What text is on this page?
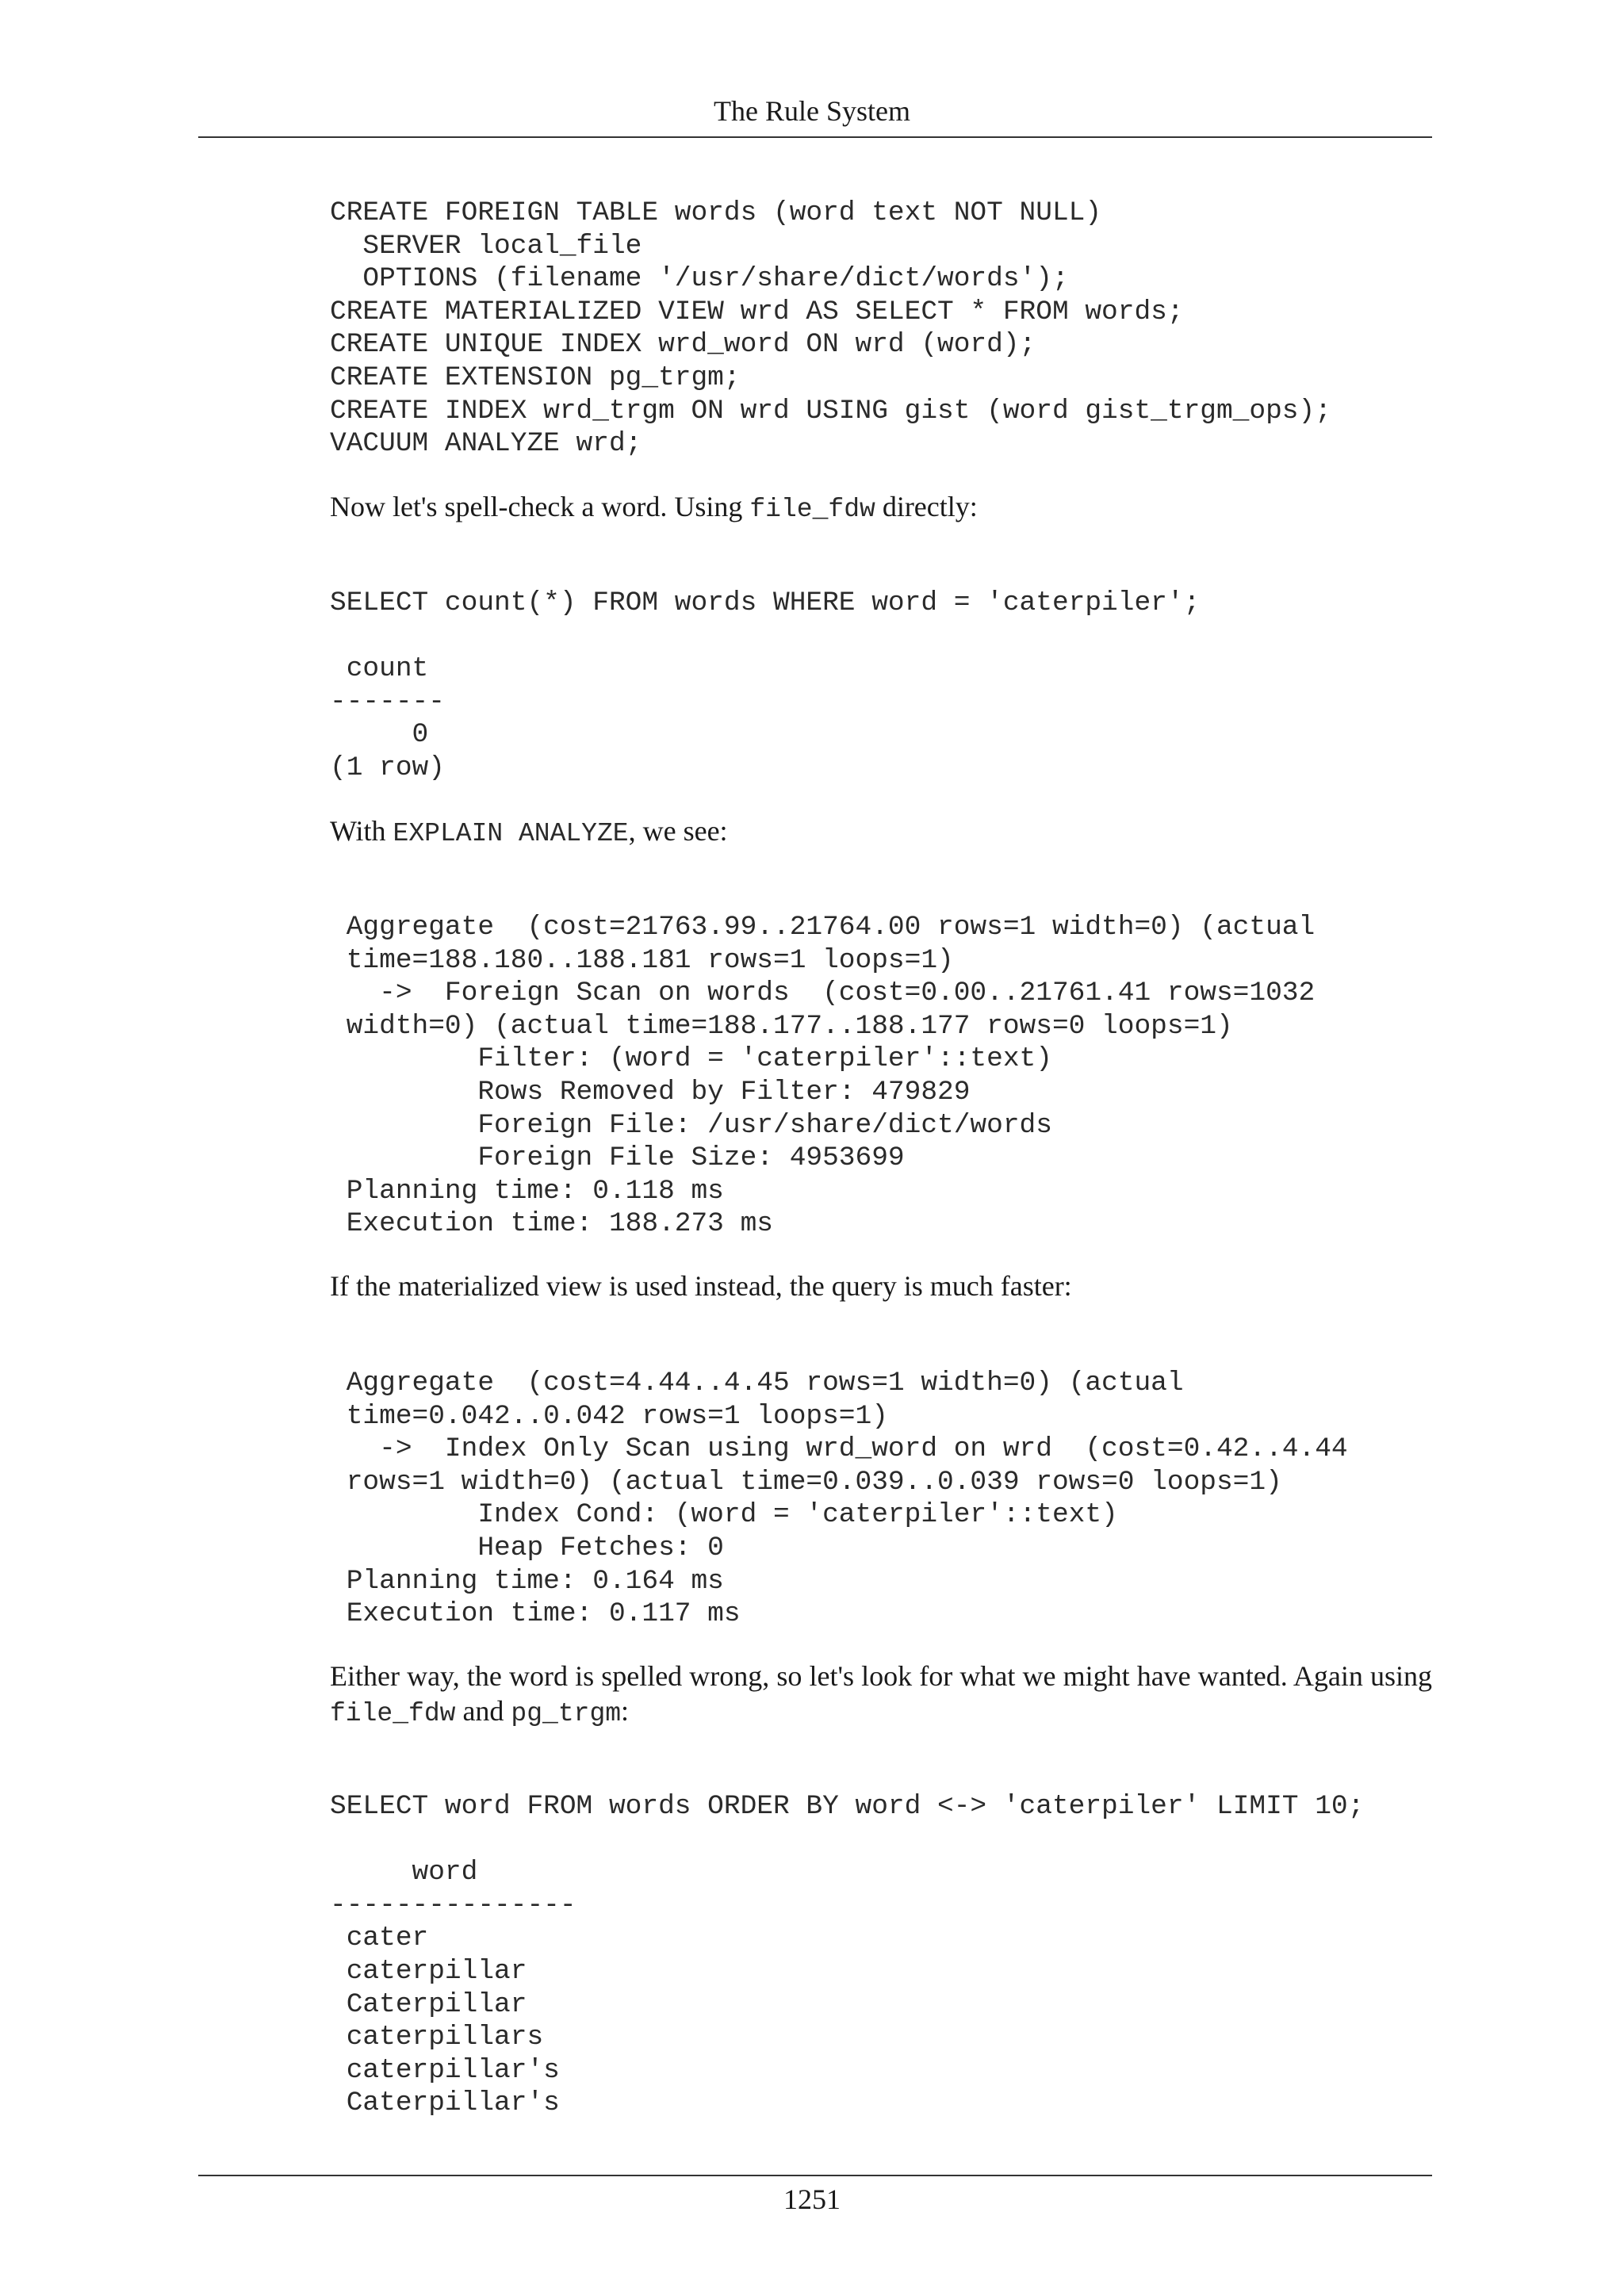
The Rule System
CREATE FOREIGN TABLE words (word text NOT NULL)
SERVER local_file
OPTIONS (filename '/usr/share/dict/words');
CREATE MATERIALIZED VIEW wrd AS SELECT * FROM words;
CREATE UNIQUE INDEX wrd_word ON wrd (word);
CREATE EXTENSION pg_trgm;
CREATE INDEX wrd_trgm ON wrd USING gist (word gist_trgm_ops);
VACUUM ANALYZE wrd;
Now let's spell-check a word. Using file_fdw directly:
SELECT count(*) FROM words WHERE word = 'caterpiler';

count
-------
0
(1 row)
With EXPLAIN ANALYZE, we see:
Aggregate  (cost=21763.99..21764.00 rows=1 width=0) (actual
time=188.180..188.181 rows=1 loops=1)
->  Foreign Scan on words  (cost=0.00..21761.41 rows=1032
width=0) (actual time=188.177..188.177 rows=0 loops=1)
Filter: (word = 'caterpiler'::text)
Rows Removed by Filter: 479829
Foreign File: /usr/share/dict/words
Foreign File Size: 4953699
Planning time: 0.118 ms
Execution time: 188.273 ms
If the materialized view is used instead, the query is much faster:
Aggregate  (cost=4.44..4.45 rows=1 width=0) (actual
time=0.042..0.042 rows=1 loops=1)
->  Index Only Scan using wrd_word on wrd  (cost=0.42..4.44
rows=1 width=0) (actual time=0.039..0.039 rows=0 loops=1)
Index Cond: (word = 'caterpiler'::text)
Heap Fetches: 0
Planning time: 0.164 ms
Execution time: 0.117 ms
Either way, the word is spelled wrong, so let's look for what we might have wanted. Again using file_fdw and pg_trgm:
SELECT word FROM words ORDER BY word <-> 'caterpiler' LIMIT 10;

word
---------------
cater
caterpillar
Caterpillar
caterpillars
caterpillar's
Caterpillar's
1251
